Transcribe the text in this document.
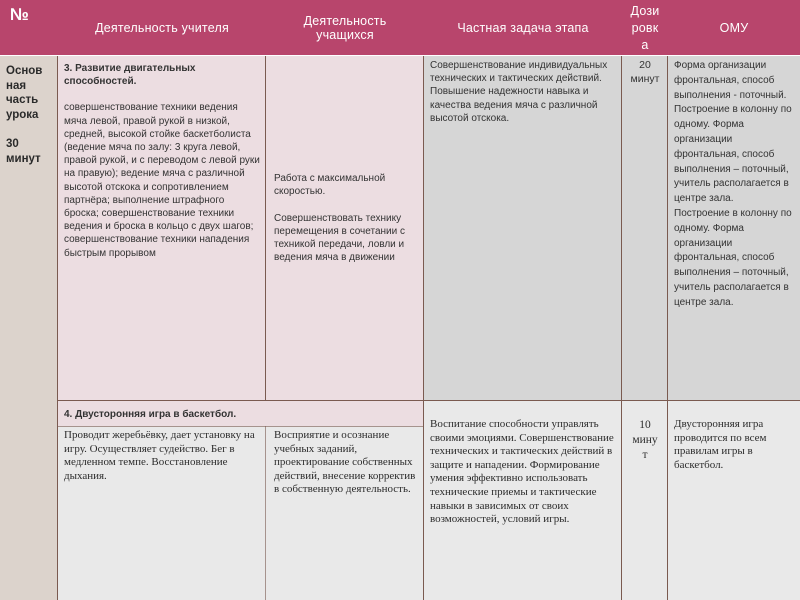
№
Деятельность учителя	Деятельность учащихся	Частная задача этапа
Дози
ровк
а
ОМУ
Основ
ная
часть
урока

30
минут
3. Развитие двигательных способностей.
совершенствование техники ведения мяча левой, правой рукой в низкой, средней, высокой стойке баскетболиста (ведение мяча по залу: 3 круга левой, правой рукой, и с переводом с левой руки на правую); ведение мяча с различной высотой отскока и сопротивлением партнёра; выполнение штрафного броска; совершенствование техники ведения и броска в кольцо с двух шагов; совершенствование техники нападения быстрым прорывом
Работа с максимальной скоростью.

Совершенствовать технику перемещения в сочетании с техникой передачи, ловли и ведения мяча в движении
Совершенствование индивидуальных технических и тактических действий. Повышение надежности навыка и качества ведения мяча с различной высотой отскока.
20
минут
Форма организации фронтальная, способ выполнения - поточный.
Построение в колонну по одному. Форма организации фронтальная, способ выполнения – поточный, учитель располагается в центре зала.
Построение в колонну по одному. Форма организации фронтальная, способ выполнения – поточный, учитель располагается в центре зала.
4. Двусторонняя игра в баскетбол.
Проводит жеребьёвку, дает установку на игру. Осуществляет судейство. Бег в медленном темпе. Восстановление дыхания.
Восприятие и осознание учебных заданий, проектирование собственных действий, внесение корректив в собственную деятельность.
Воспитание способности управлять своими эмоциями. Совершенствование технических и тактических действий в защите и нападении. Формирование умения эффективно использовать технические приемы и тактические навыки в зависимых от своих возможностей, условий игры.
10
мину
т
Двусторонняя игра проводится по всем правилам игры в баскетбол.
